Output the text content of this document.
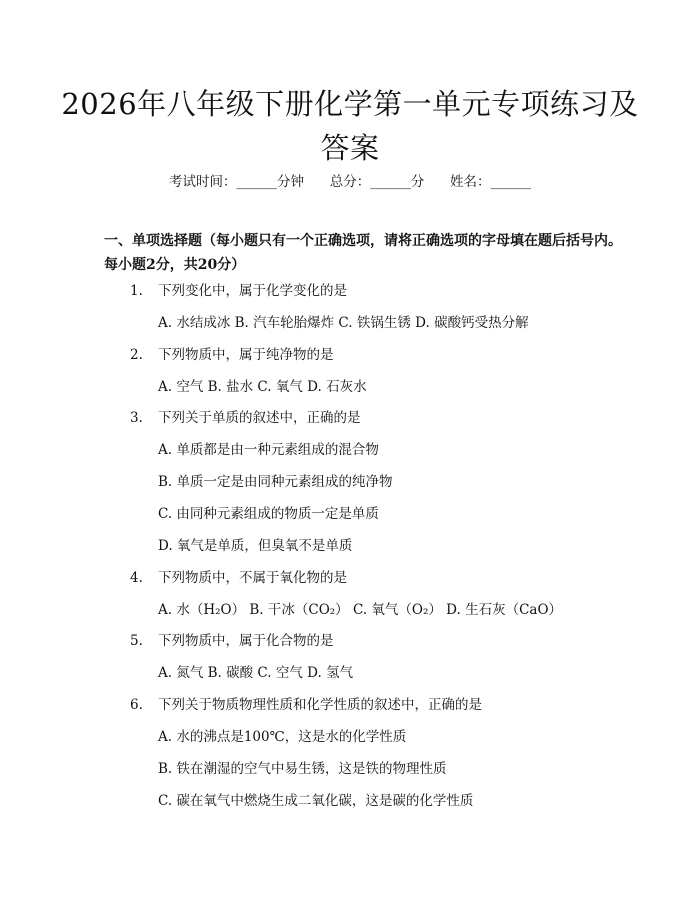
2026年八年级下册化学第一单元专项练习及答案
考试时间：______分钟      总分：______分      姓名：______
一、单项选择题（每小题只有一个正确选项，请将正确选项的字母填在题后括号内。每小题2分，共20分）
1. 下列变化中，属于化学变化的是
A. 水结成冰 B. 汽车轮胎爆炸 C. 铁锅生锈 D. 碳酸钙受热分解
2. 下列物质中，属于纯净物的是
A. 空气 B. 盐水 C. 氧气 D. 石灰水
3. 下列关于单质的叙述中，正确的是
A. 单质都是由一种元素组成的混合物
B. 单质一定是由同种元素组成的纯净物
C. 由同种元素组成的物质一定是单质
D. 氧气是单质，但臭氧不是单质
4. 下列物质中，不属于氧化物的是
A. 水（H₂O） B. 干冰（CO₂） C. 氧气（O₂） D. 生石灰（CaO）
5. 下列物质中，属于化合物的是
A. 氮气 B. 碳酸 C. 空气 D. 氢气
6. 下列关于物质物理性质和化学性质的叙述中，正确的是
A. 水的沸点是100℃，这是水的化学性质
B. 铁在潮湿的空气中易生锈，这是铁的物理性质
C. 碳在氧气中燃烧生成二氧化碳，这是碳的化学性质
